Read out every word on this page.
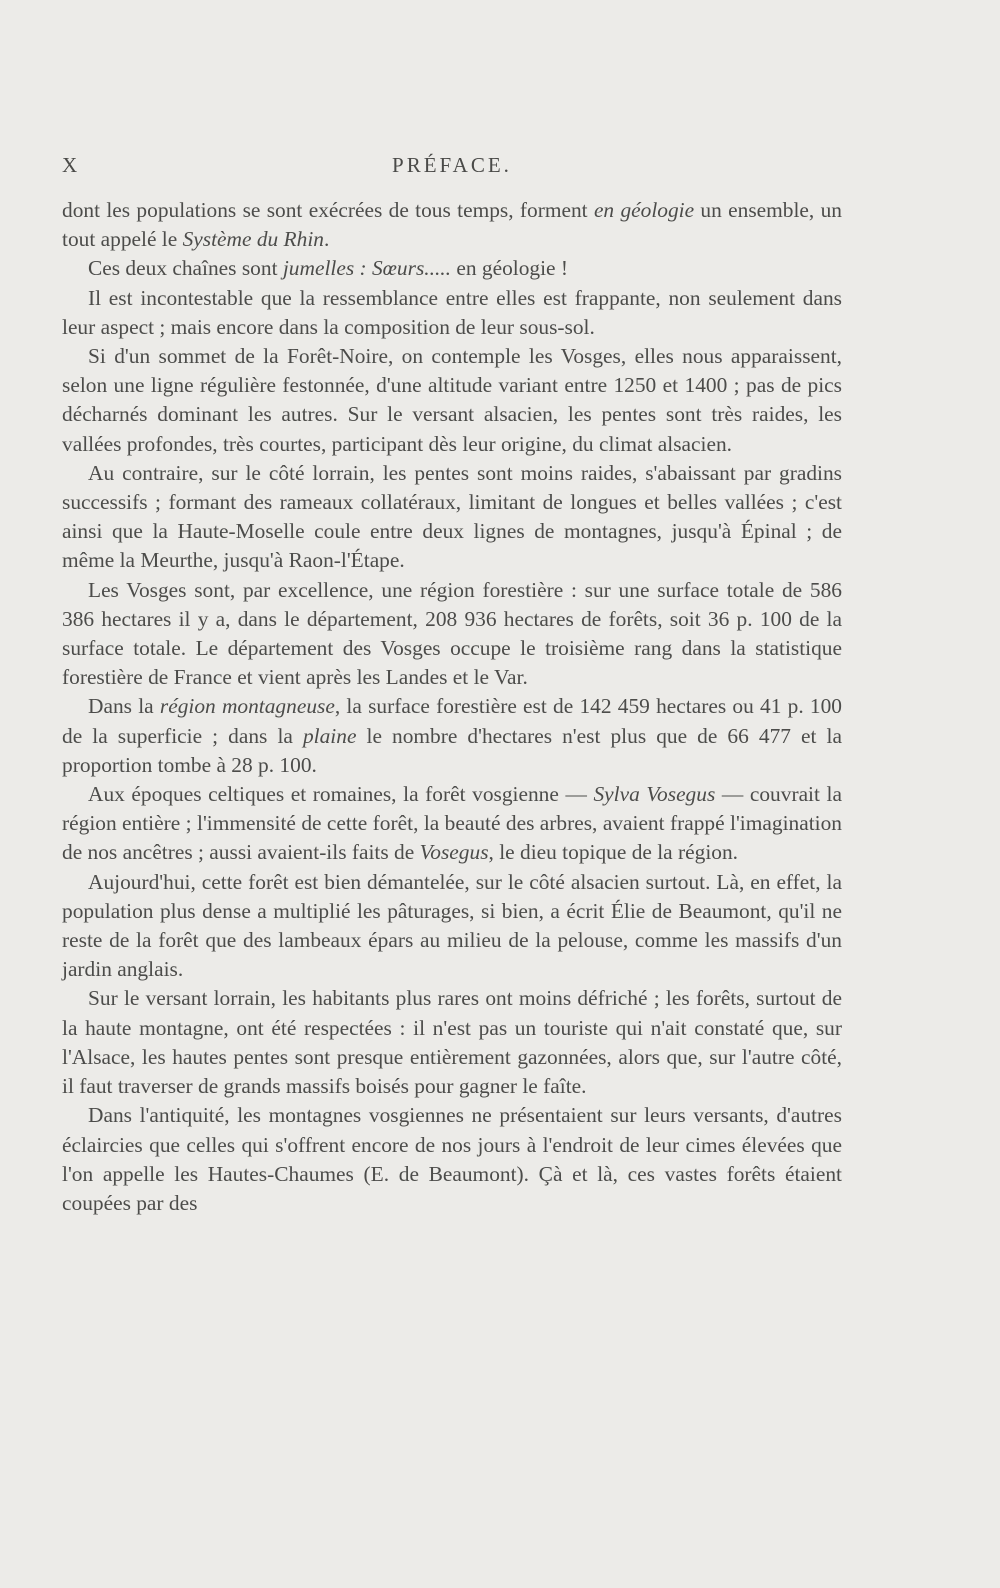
X	PRÉFACE.

dont les populations se sont exécrées de tous temps, forment en géologie un ensemble, un tout appelé le Système du Rhin.

Ces deux chaînes sont jumelles : Sœurs..... en géologie !

Il est incontestable que la ressemblance entre elles est frappante, non seulement dans leur aspect ; mais encore dans la composition de leur sous-sol.

Si d'un sommet de la Forêt-Noire, on contemple les Vosges, elles nous apparaissent, selon une ligne régulière festonnée, d'une altitude variant entre 1250 et 1400 ; pas de pics décharnés dominant les autres. Sur le versant alsacien, les pentes sont très raides, les vallées profondes, très courtes, participant dès leur origine, du climat alsacien.

Au contraire, sur le côté lorrain, les pentes sont moins raides, s'abaissant par gradins successifs ; formant des rameaux collatéraux, limitant de longues et belles vallées ; c'est ainsi que la Haute-Moselle coule entre deux lignes de montagnes, jusqu'à Épinal ; de même la Meurthe, jusqu'à Raon-l'Étape.

Les Vosges sont, par excellence, une région forestière : sur une surface totale de 586 386 hectares il y a, dans le département, 208 936 hectares de forêts, soit 36 p. 100 de la surface totale. Le département des Vosges occupe le troisième rang dans la statistique forestière de France et vient après les Landes et le Var.

Dans la région montagneuse, la surface forestière est de 142 459 hectares ou 41 p. 100 de la superficie ; dans la plaine le nombre d'hectares n'est plus que de 66 477 et la proportion tombe à 28 p. 100.

Aux époques celtiques et romaines, la forêt vosgienne — Sylva Vosegus — couvrait la région entière ; l'immensité de cette forêt, la beauté des arbres, avaient frappé l'imagination de nos ancêtres ; aussi avaient-ils faits de Vosegus, le dieu topique de la région.

Aujourd'hui, cette forêt est bien démantelée, sur le côté alsacien surtout. Là, en effet, la population plus dense a multiplié les pâturages, si bien, a écrit Élie de Beaumont, qu'il ne reste de la forêt que des lambeaux épars au milieu de la pelouse, comme les massifs d'un jardin anglais.

Sur le versant lorrain, les habitants plus rares ont moins défriché ; les forêts, surtout de la haute montagne, ont été respectées : il n'est pas un touriste qui n'ait constaté que, sur l'Alsace, les hautes pentes sont presque entièrement gazonnées, alors que, sur l'autre côté, il faut traverser de grands massifs boisés pour gagner le faîte.

Dans l'antiquité, les montagnes vosgiennes ne présentaient sur leurs versants, d'autres éclaircies que celles qui s'offrent encore de nos jours à l'endroit de leur cimes élevées que l'on appelle les Hautes-Chaumes (E. de Beaumont). Çà et là, ces vastes forêts étaient coupées par des
